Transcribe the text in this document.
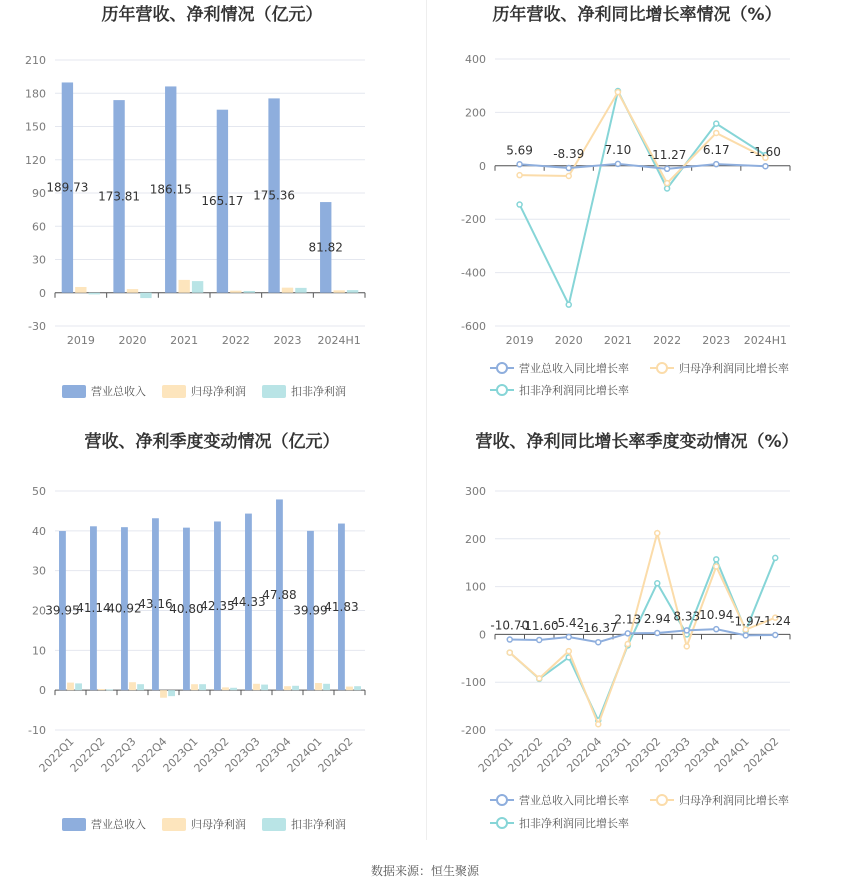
历年营收、净利情况（亿元）
-30
0
30
60
90
120
150
180
210
2019 2020 2021 2022 2023 2024H1
189.73
173.81 186.15
165.17 175.36
81.82
营业总收入	归母净利润	扣非净利润
历年营收、净利同比增长率情况（%）
-600
-400
-200
0
200
400
2019 2020 2021 2022 2023 2024H1
5.69 -8.39 7.10 -11.27 6.17 -1.60
营业总收入同比增长率	归母净利润同比增长率
扣非净利润同比增长率
营收、净利季度变动情况（亿元）
-10
0
10
20
30
40
50
2022Q1
2022Q2
2022Q3
2022Q4
2023Q1
2023Q2
2023Q3
2023Q4
2024Q1
2024Q2
39.95
41.14
40.92
43.16
40.80
42.35
44.33
47.88
39.99
41.83
营业总收入	归母净利润	扣非净利润
营收、净利同比增长率季度变动情况（%）
-200
-100
0
100
200
300
2022Q1
2022Q2
2022Q3
2022Q4
2023Q1
2023Q2
2023Q3
2023Q4
2024Q1
2024Q2
-10.70
-11.60
-5.42
-16.37
2.13 2.94 8.33
10.94
-1.97
-1.24
营业总收入同比增长率	归母净利润同比增长率
扣非净利润同比增长率
数据来源：恒生聚源
